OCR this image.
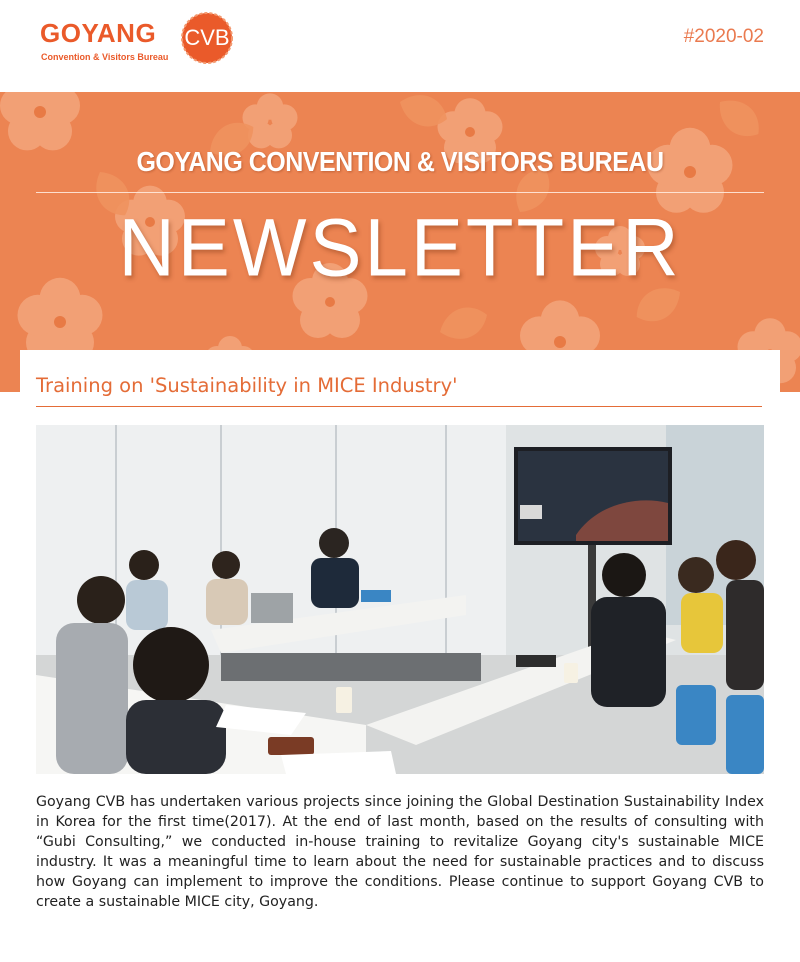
GOYANG
Convention & Visitors Bureau
CVB	#2020-02
GOYANG CONVENTION & VISITORS BUREAU
NEWSLETTER
Training on 'Sustainability in MICE Industry'
Goyang CVB has undertaken various projects since joining the Global Destination Sustainability Index in Korea for the first time(2017). At the end of last month, based on the results of consulting with “Gubi Consulting,” we conducted in-house training to revitalize Goyang city's sustainable MICE industry. It was a meaningful time to learn about the need for sustainable practices and to discuss how Goyang can implement to improve the conditions. Please continue to support Goyang CVB to create a sustainable MICE city, Goyang.
